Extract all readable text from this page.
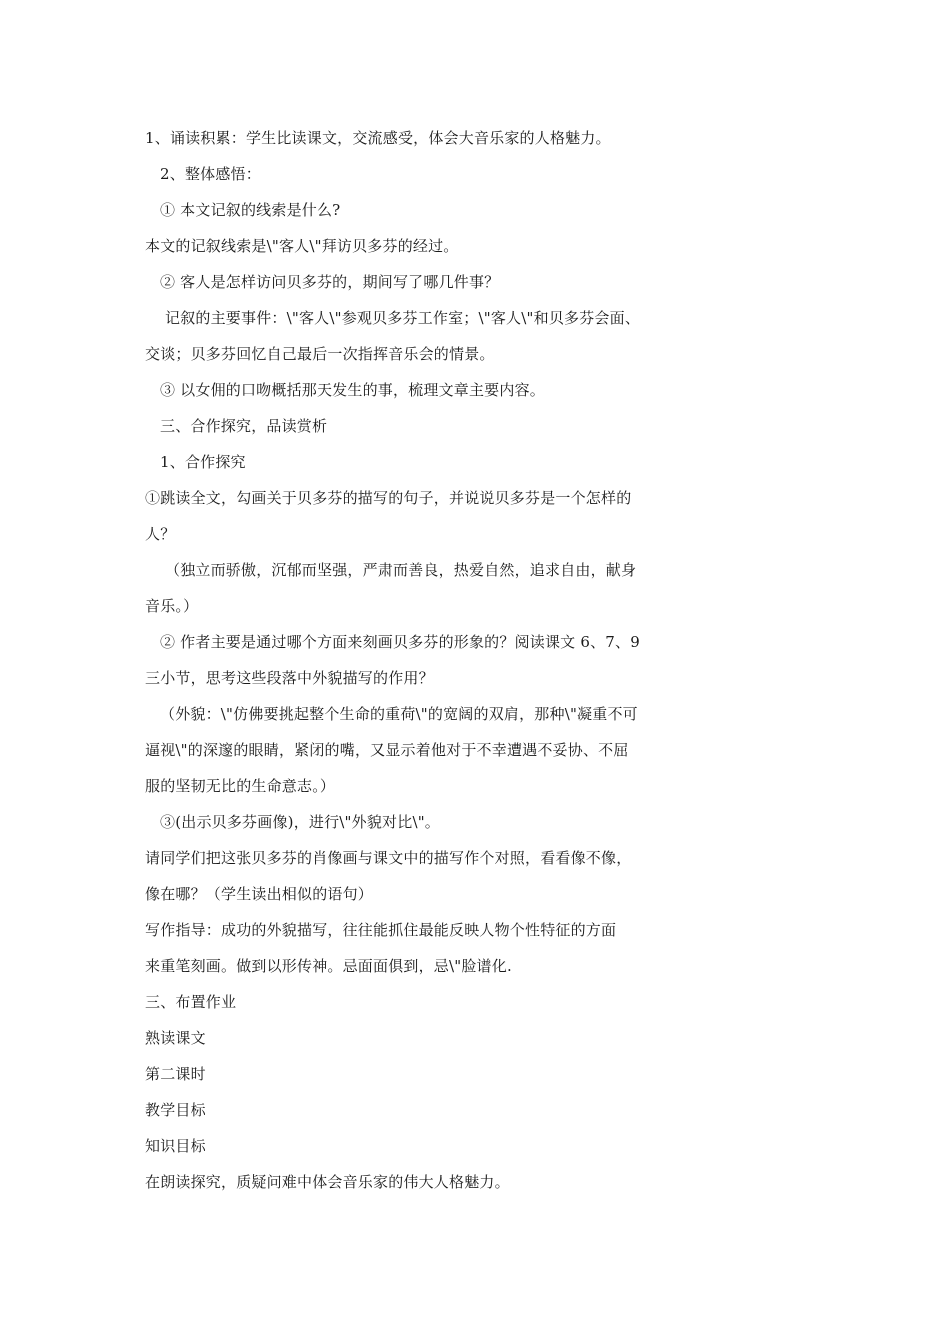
1、诵读积累：学生比读课文，交流感受，体会大音乐家的人格魅力。
2、整体感悟：
① 本文记叙的线索是什么?
本文的记叙线索是\"客人\"拜访贝多芬的经过。
② 客人是怎样访问贝多芬的，期间写了哪几件事？
记叙的主要事件：\"客人\"参观贝多芬工作室；\"客人\"和贝多芬会面、
交谈；贝多芬回忆自己最后一次指挥音乐会的情景。
③ 以女佣的口吻概括那天发生的事，梳理文章主要内容。
三、合作探究，品读赏析
1、合作探究
①跳读全文，勾画关于贝多芬的描写的句子，并说说贝多芬是一个怎样的
人？
（独立而骄傲，沉郁而坚强，严肃而善良，热爱自然，追求自由，献身
音乐。）
② 作者主要是通过哪个方面来刻画贝多芬的形象的？阅读课文 6、7、9
三小节，思考这些段落中外貌描写的作用？
（外貌：\"仿佛要挑起整个生命的重荷\"的宽阔的双肩，那种\"凝重不可
逼视\"的深邃的眼睛，紧闭的嘴，又显示着他对于不幸遭遇不妥协、不屈
服的坚韧无比的生命意志。）
③(出示贝多芬画像)，进行\"外貌对比\"。
请同学们把这张贝多芬的肖像画与课文中的描写作个对照，看看像不像，
像在哪？（学生读出相似的语句）
写作指导：成功的外貌描写，往往能抓住最能反映人物个性特征的方面
来重笔刻画。做到以形传神。忌面面俱到，忌\"脸谱化.
三、布置作业
熟读课文
第二课时
教学目标
知识目标
在朗读探究，质疑问难中体会音乐家的伟大人格魅力。
